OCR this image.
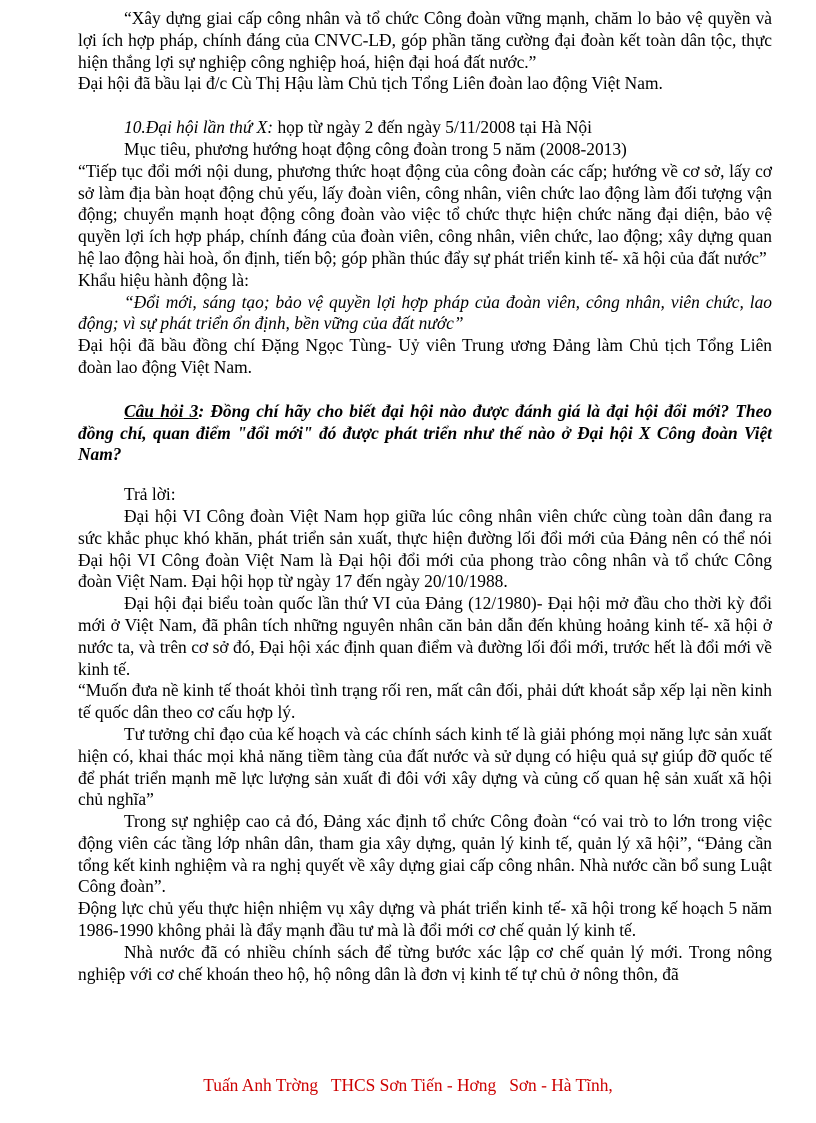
“Xây dựng giai cấp công nhân và tổ chức Công đoàn vững mạnh, chăm lo bảo vệ quyền và lợi ích hợp pháp, chính đáng của CNVC-LĐ, góp phần tăng cường đại đoàn kết toàn dân tộc, thực hiện thắng lợi sự nghiệp công nghiệp hoá, hiện đại hoá đất nước.”

Đại hội đã bầu lại đ/c Cù Thị Hậu làm Chủ tịch Tổng Liên đoàn lao động Việt Nam.

10.Đại hội lần thứ X: họp từ ngày 2 đến ngày 5/11/2008 tại Hà Nội

Mục tiêu, phương hướng hoạt động công đoàn trong 5 năm (2008-2013)

“Tiếp tục đổi mới nội dung, phương thức hoạt động của công đoàn các cấp; hướng về cơ sở, lấy cơ sở làm địa bàn hoạt động chủ yếu, lấy đoàn viên, công nhân, viên chức lao động làm đối tượng vận động; chuyển mạnh hoạt động công đoàn vào việc tổ chức thực hiện chức năng đại diện, bảo vệ quyền lợi ích hợp pháp, chính đáng của đoàn viên, công nhân, viên chức, lao động; xây dựng quan hệ lao động hài hoà, ổn định, tiến bộ; góp phần thúc đẩy sự phát triển kinh tế- xã hội của đất nước”

Khẩu hiệu hành động là:

“Đổi mới, sáng tạo; bảo vệ quyền lợi hợp pháp của đoàn viên, công nhân, viên chức, lao động; vì sự phát triển ổn định, bền vững của đất nước”

Đại hội đã bầu đồng chí Đặng Ngọc Tùng- Uỷ viên Trung ương Đảng làm Chủ tịch Tổng Liên đoàn lao động Việt Nam.

Câu hỏi 3: Đồng chí hãy cho biết đại hội nào được đánh giá là đại hội đổi mới? Theo đồng chí, quan điểm "đổi mới" đó được phát triển như thế nào ở Đại hội X Công đoàn Việt Nam?

Trả lời:

Đại hội VI Công đoàn Việt Nam họp giữa lúc công nhân viên chức cùng toàn dân đang ra sức khắc phục khó khăn, phát triển sản xuất, thực hiện đường lối đổi mới của Đảng nên có thể nói Đại hội VI Công đoàn Việt Nam là Đại hội đổi mới của phong trào công nhân và tổ chức Công đoàn Việt Nam. Đại hội họp từ ngày 17 đến ngày 20/10/1988.

Đại hội đại biểu toàn quốc lần thứ VI của Đảng (12/1980)- Đại hội mở đầu cho thời kỳ đổi mới ở Việt Nam, đã phân tích những nguyên nhân căn bản dẫn đến khủng hoảng kinh tế- xã hội ở nước ta, và trên cơ sở đó, Đại hội xác định quan điểm và đường lối đổi mới, trước hết là đổi mới về kinh tế.

“Muốn đưa nề kinh tế thoát khỏi tình trạng rối ren, mất cân đối, phải dứt khoát sắp xếp lại nền kinh tế quốc dân theo cơ cấu hợp lý.

Tư tưởng chỉ đạo của kế hoạch và các chính sách kinh tế là giải phóng mọi năng lực sản xuất hiện có, khai thác mọi khả năng tiềm tàng của đất nước và sử dụng có hiệu quả sự giúp đỡ quốc tế để phát triển mạnh mẽ lực lượng sản xuất đi đôi với xây dựng và củng cố quan hệ sản xuất xã hội chủ nghĩa”

Trong sự nghiệp cao cả đó, Đảng xác định tổ chức Công đoàn “có vai trò to lớn trong việc động viên các tầng lớp nhân dân, tham gia xây dựng, quản lý kinh tế, quản lý xã hội”, “Đảng cần tổng kết kinh nghiệm và ra nghị quyết về xây dựng giai cấp công nhân. Nhà nước cần bổ sung Luật Công đoàn”.

Động lực chủ yếu thực hiện nhiệm vụ xây dựng và phát triển kinh tế- xã hội trong kế hoạch 5 năm 1986-1990 không phải là đẩy mạnh đầu tư mà là đổi mới cơ chế quản lý kinh tế.

Nhà nước đã có nhiều chính sách để từng bước xác lập cơ chế quản lý mới. Trong nông nghiệp với cơ chế khoán theo hộ, hộ nông dân là đơn vị kinh tế tự chủ ở nông thôn, đã

Tuấn Anh Trờng   THCS Sơn Tiến - Hơng   Sơn - Hà Tĩnh,
